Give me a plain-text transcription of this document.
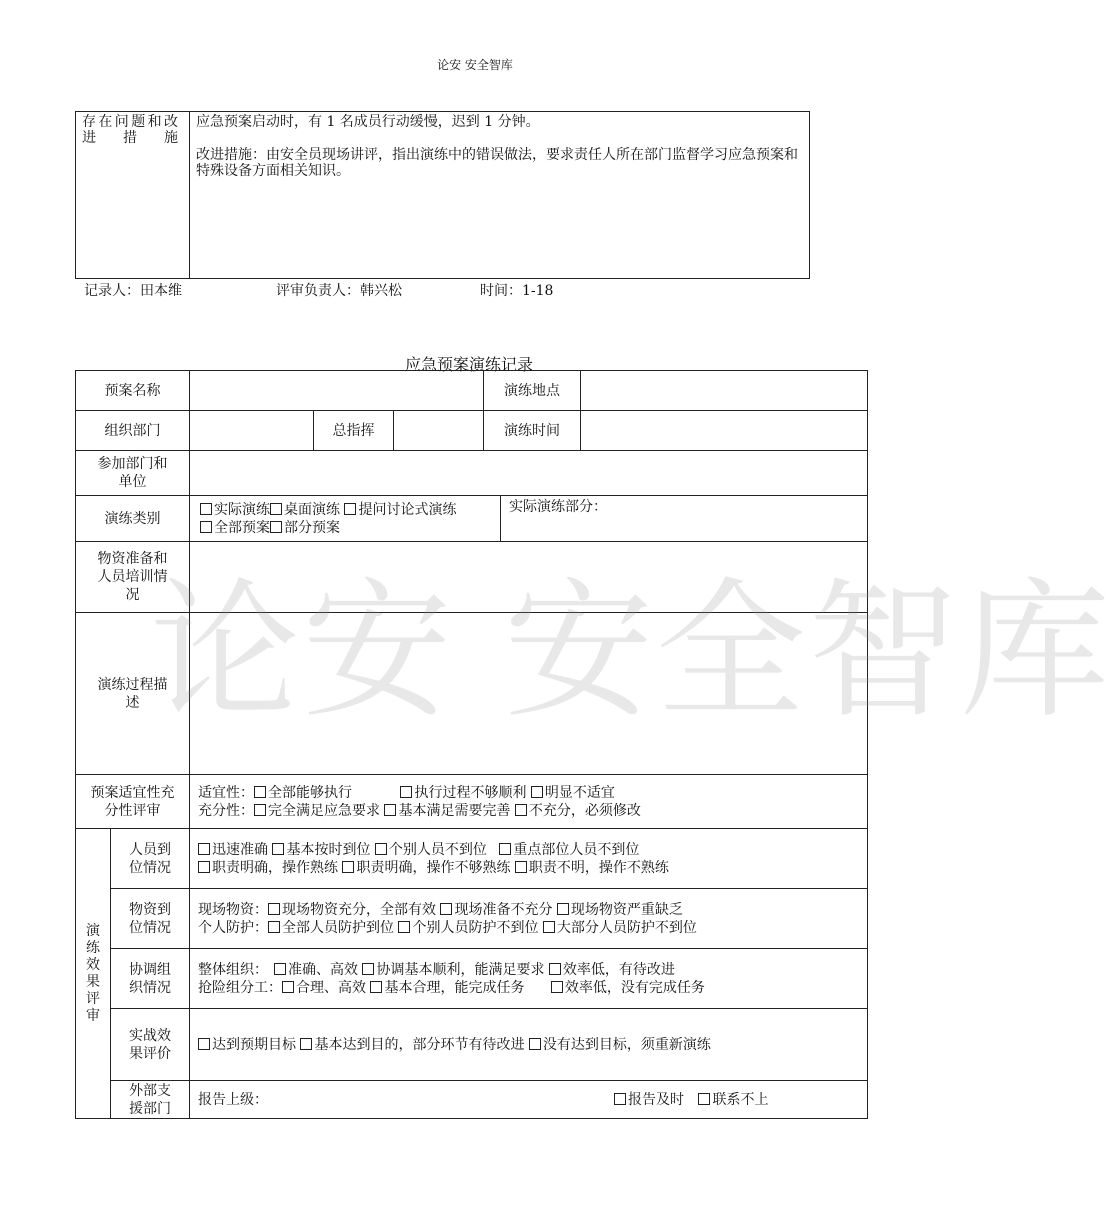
论安 安全智库
存在问题和改进措施

应急预案启动时，有 1 名成员行动缓慢，迟到 1 分钟。

改进措施：由安全员现场讲评，指出演练中的错误做法，要求责任人所在部门监督学习应急预案和特殊设备方面相关知识。

记录人：田本维	评审负责人：韩兴松	时间：1-18
应急预案演练记录
预案名称					演练地点		
组织部门			总指挥		演练时间		

参加部门和单位							

演练类别		实际演练 桌面演练 提问讨论式演练
全部预案 部分预案				实际演练部分：	

物资准备和人员培训情况							

演练过程描述							

预案适宜性充分性评审		适宜性： 全部能够执行 执行过程不够顺利 明显不适宜
充分性： 完全满足应急要求 基本满足需要完善 不充分，必须修改					

演练效果评审	人员到位情况	迅速准确 基本按时到位 个别人员不到位 重点部位人员不到位
职责明确，操作熟练 职责明确，操作不够熟练 职责不明，操作不熟练					

	物资到位情况	现场物资： 现场物资充分，全部有效 现场准备不充分 现场物资严重缺乏
个人防护： 全部人员防护到位 个别人员防护不到位 大部分人员防护不到位					

	协调组织情况	整体组织： 准确、高效 协调基本顺利，能满足要求 效率低，有待改进
抢险组分工： 合理、高效 基本合理，能完成任务 效率低，没有完成任务					

	实战效果评价	达到预期目标 基本达到目的，部分环节有待改进 没有达到目标，须重新演练					

	外部支援部门	报告上级： 报告及时 联系不上					
论安 安全智库
